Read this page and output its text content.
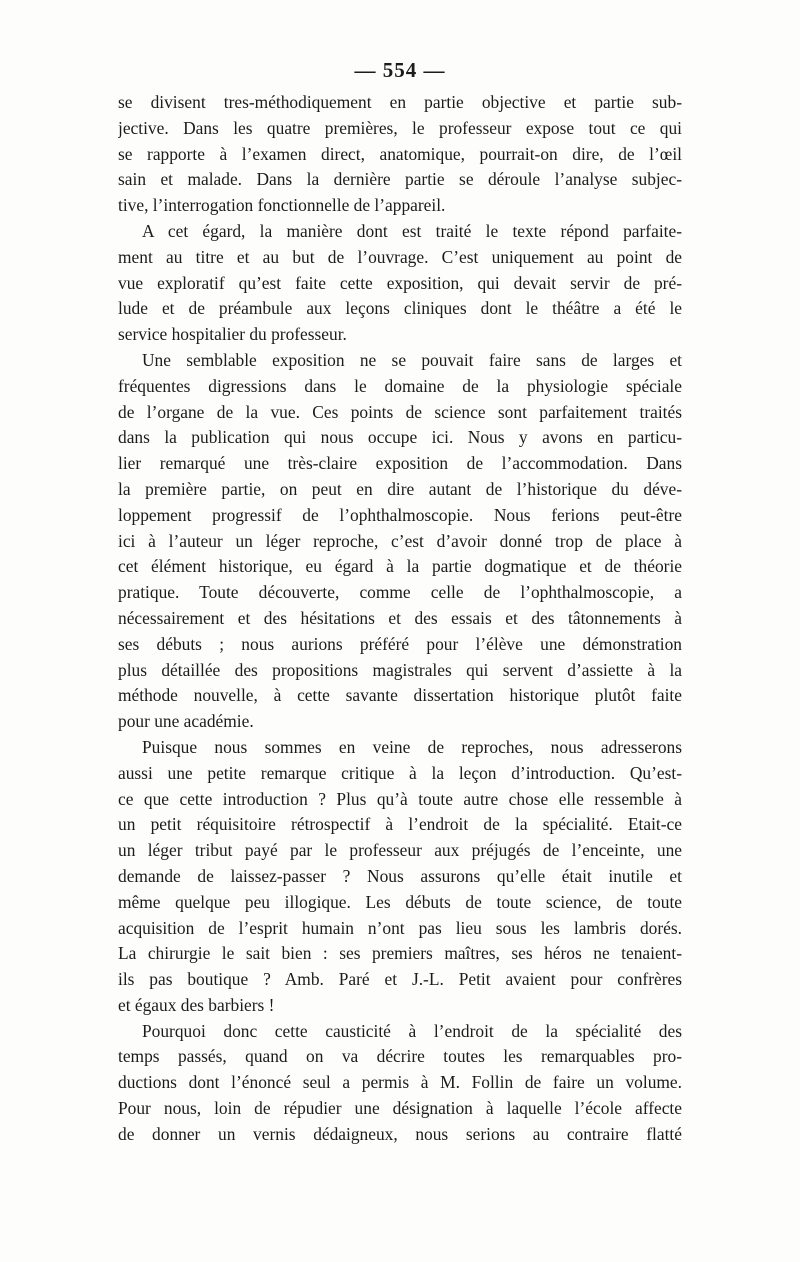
— 554 —
se divisent tres-méthodiquement en partie objective et partie sub-
jective. Dans les quatre premières, le professeur expose tout ce qui
se rapporte à l’examen direct, anatomique, pourrait-on dire, de l’œil
sain et malade. Dans la dernière partie se déroule l’analyse subjec-
tive, l’interrogation fonctionnelle de l’appareil.
A cet égard, la manière dont est traité le texte répond parfaite-
ment au titre et au but de l’ouvrage. C’est uniquement au point de
vue exploratif qu’est faite cette exposition, qui devait servir de pré-
lude et de préambule aux leçons cliniques dont le théâtre a été le
service hospitalier du professeur.
Une semblable exposition ne se pouvait faire sans de larges et
fréquentes digressions dans le domaine de la physiologie spéciale
de l’organe de la vue. Ces points de science sont parfaitement traités
dans la publication qui nous occupe ici. Nous y avons en particu-
lier remarqué une très-claire exposition de l’accommodation. Dans
la première partie, on peut en dire autant de l’historique du déve-
loppement progressif de l’ophthalmoscopie. Nous ferions peut-être
ici à l’auteur un léger reproche, c’est d’avoir donné trop de place à
cet élément historique, eu égard à la partie dogmatique et de théorie
pratique. Toute découverte, comme celle de l’ophthalmoscopie, a
nécessairement et des hésitations et des essais et des tâtonnements à
ses débuts ; nous aurions préféré pour l’élève une démonstration
plus détaillée des propositions magistrales qui servent d’assiette à la
méthode nouvelle, à cette savante dissertation historique plutôt faite
pour une académie.
Puisque nous sommes en veine de reproches, nous adresserons
aussi une petite remarque critique à la leçon d’introduction. Qu’est-
ce que cette introduction ? Plus qu’à toute autre chose elle ressemble à
un petit réquisitoire rétrospectif à l’endroit de la spécialité. Etait-ce
un léger tribut payé par le professeur aux préjugés de l’enceinte, une
demande de laissez-passer ? Nous assurons qu’elle était inutile et
même quelque peu illogique. Les débuts de toute science, de toute
acquisition de l’esprit humain n’ont pas lieu sous les lambris dorés.
La chirurgie le sait bien : ses premiers maîtres, ses héros ne tenaient-
ils pas boutique ? Amb. Paré et J.-L. Petit avaient pour confrères
et égaux des barbiers !
Pourquoi donc cette causticité à l’endroit de la spécialité des
temps passés, quand on va décrire toutes les remarquables pro-
ductions dont l’énoncé seul a permis à M. Follin de faire un volume.
Pour nous, loin de répudier une désignation à laquelle l’école affecte
de donner un vernis dédaigneux, nous serions au contraire flatté
